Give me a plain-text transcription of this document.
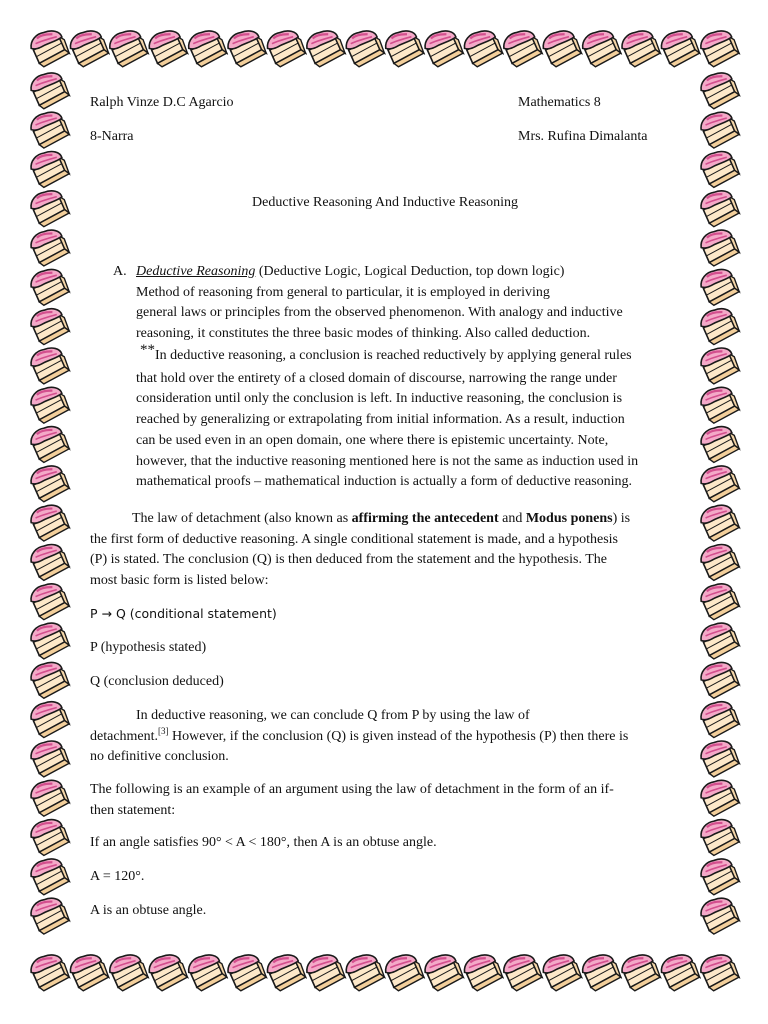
Ralph Vinze D.C Agarcio	Mathematics 8
8-Narra	Mrs. Rufina Dimalanta
Deductive Reasoning And Inductive Reasoning
A. Deductive Reasoning (Deductive Logic, Logical Deduction, top down logic)
Method of reasoning from general to particular, it is employed in deriving
general laws or principles from the observed phenomenon. With analogy and inductive
reasoning, it constitutes the three basic modes of thinking. Also called deduction.
**In deductive reasoning, a conclusion is reached reductively by applying general rules
that hold over the entirety of a closed domain of discourse, narrowing the range under
consideration until only the conclusion is left. In inductive reasoning, the conclusion is
reached by generalizing or extrapolating from initial information. As a result, induction
can be used even in an open domain, one where there is epistemic uncertainty. Note,
however, that the inductive reasoning mentioned here is not the same as induction used in
mathematical proofs – mathematical induction is actually a form of deductive reasoning.
The law of detachment (also known as affirming the antecedent and Modus ponens) is
the first form of deductive reasoning. A single conditional statement is made, and a hypothesis
(P) is stated. The conclusion (Q) is then deduced from the statement and the hypothesis. The
most basic form is listed below:
P → Q (conditional statement)
P (hypothesis stated)
Q (conclusion deduced)
In deductive reasoning, we can conclude Q from P by using the law of
detachment.[3] However, if the conclusion (Q) is given instead of the hypothesis (P) then there is
no definitive conclusion.
The following is an example of an argument using the law of detachment in the form of an if-
then statement:
If an angle satisfies 90° < A < 180°, then A is an obtuse angle.
A = 120°.
A is an obtuse angle.
